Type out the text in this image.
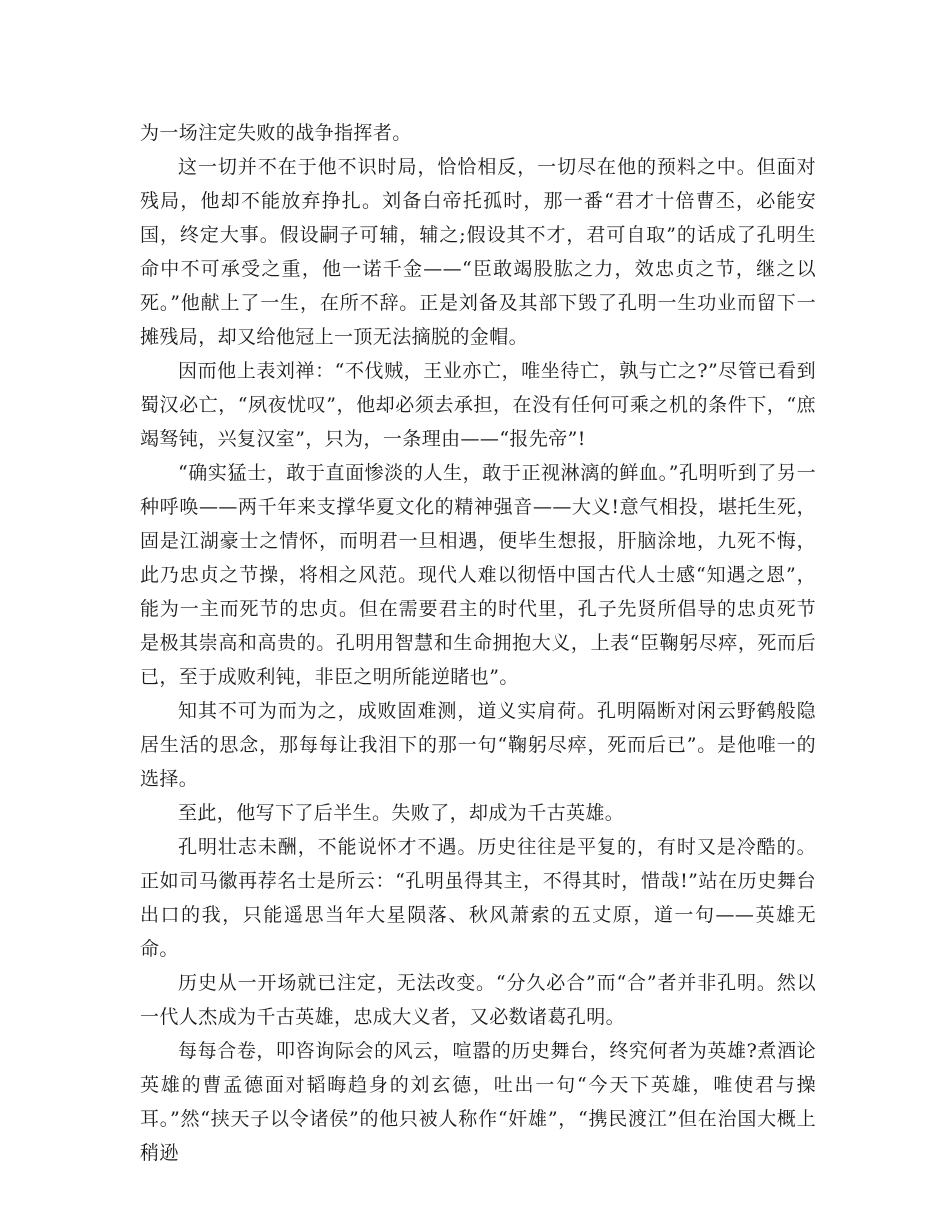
为一场注定失败的战争指挥者。

这一切并不在于他不识时局，恰恰相反，一切尽在他的预料之中。但面对残局，他却不能放弃挣扎。刘备白帝托孤时，那一番“君才十倍曹丕，必能安国，终定大事。假设嗣子可辅，辅之;假设其不才，君可自取”的话成了孔明生命中不可承受之重，他一诺千金——“臣敢竭股肱之力，效忠贞之节，继之以死。”他献上了一生，在所不辞。正是刘备及其部下毁了孔明一生功业而留下一摊残局，却又给他冠上一顶无法摘脱的金帽。

因而他上表刘禅：“不伐贼，王业亦亡，唯坐待亡，孰与亡之?”尽管已看到蜀汉必亡，“夙夜忧叹”，他却必须去承担，在没有任何可乘之机的条件下，“庶竭驽钝，兴复汉室”，只为，一条理由——“报先帝”!

“确实猛士，敢于直面惨淡的人生，敢于正视淋漓的鲜血。”孔明听到了另一种呼唤——两千年来支撑华夏文化的精神强音——大义!意气相投，堪托生死，固是江湖豪士之情怀，而明君一旦相遇，便毕生想报，肝脑涂地，九死不悔，此乃忠贞之节操，将相之风范。现代人难以彻悟中国古代人士感“知遇之恩”，能为一主而死节的忠贞。但在需要君主的时代里，孔子先贤所倡导的忠贞死节是极其崇高和高贵的。孔明用智慧和生命拥抱大义，上表“臣鞠躬尽瘁，死而后已，至于成败利钝，非臣之明所能逆睹也”。

知其不可为而为之，成败固难测，道义实肩荷。孔明隔断对闲云野鹤般隐居生活的思念，那每每让我泪下的那一句“鞠躬尽瘁，死而后已”。是他唯一的选择。

至此，他写下了后半生。失败了，却成为千古英雄。

孔明壮志未酬，不能说怀才不遇。历史往往是平复的，有时又是冷酷的。正如司马徽再荐名士是所云：“孔明虽得其主，不得其时，惜哉!”站在历史舞台出口的我，只能遥思当年大星陨落、秋风萧索的五丈原，道一句——英雄无命。

历史从一开场就已注定，无法改变。“分久必合”而“合”者并非孔明。然以一代人杰成为千古英雄，忠成大义者，又必数诸葛孔明。

每每合卷，叩咨询际会的风云，喧嚣的历史舞台，终究何者为英雄?煮酒论英雄的曹孟德面对韬晦趋身的刘玄德，吐出一句“今天下英雄，唯使君与操耳。”然“挟天子以令诸侯”的他只被人称作“奸雄”，“携民渡江”但在治国大概上稍逊
